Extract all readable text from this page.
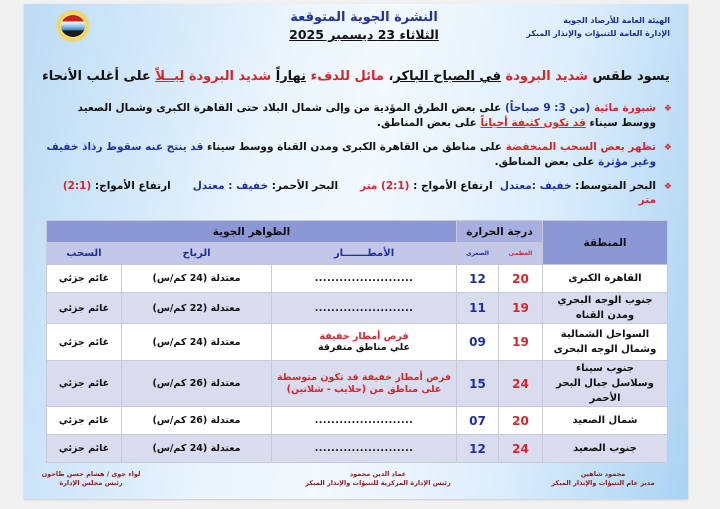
النشرة الجوية المتوقعة
الثلاثاء 23 ديسمبر 2025
الهيئة العامة للأرصاد الجوية
الإدارة العامة للتنبؤات والإنذار المبكر
يسود طقس شديد البرودة في الصباح الباكر، مائل للدفء نهاراً شديد البرودة ليــلاً على أغلب الأنحاء
❖
شبورة مائية (من 3: 9 صباحاً) على بعض الطرق المؤدية من وإلى شمال البلاد حتى القاهرة الكبرى وشمال الصعيد ووسط سيناء قد تكون كثيفة أحياناً على بعض المناطق.
❖
تظهر بعض السحب المنخفضة على مناطق من القاهرة الكبرى ومدن القناة ووسط سيناء قد ينتج عنه سقوط رذاذ خفيف وغير مؤثرة على بعض المناطق.
❖
البحر المتوسط: خفيف :معتدل  ارتفاع الأمواج : (2:1) مترالبحر الأحمر: خفيف : معتدلارتفاع الأمواج: (2:1) متر
المنطقة	درجة الحرارة		الظواهر الجوية		
	العظمى	الصغرى	الأمطـــــــار	الرياح	السحب
القاهرة الكبرى	20	12	........................	معتدلة (24 كم/س)	غائم جزئي
جنوب الوجه البحري ومدن القناه	19	11	........................	معتدلة (22 كم/س)	غائم جزئي
السواحل الشمالية
وشمال الوجه البحرى	19	09	فرص أمطار خفيفة
علي مناطق متفرقة	معتدلة (24 كم/س)	غائم جزئي
جنوب سيناء
وسلاسل جبال البحر الأحمر	24	15	فرص أمطار خفيفة قد تكون متوسطة
على مناطق من (حلايب - شلاتين)	معتدلة (26 كم/س)	غائم جزئي
شمال الصعيد	20	07	........................	معتدلة (26 كم/س)	غائم جزئي
جنوب الصعيد	24	12	........................	معتدلة (24 كم/س)	غائم جزئي
محمود شاهين
مدير عام التنبؤات والإنذار المبكر
عماد الدين محمود
رئيس الإدارة المركزية للتنبؤات والإنذار المبكر
لواء جوى / هشام حسن طاحون
رئيس مجلس الإدارة
